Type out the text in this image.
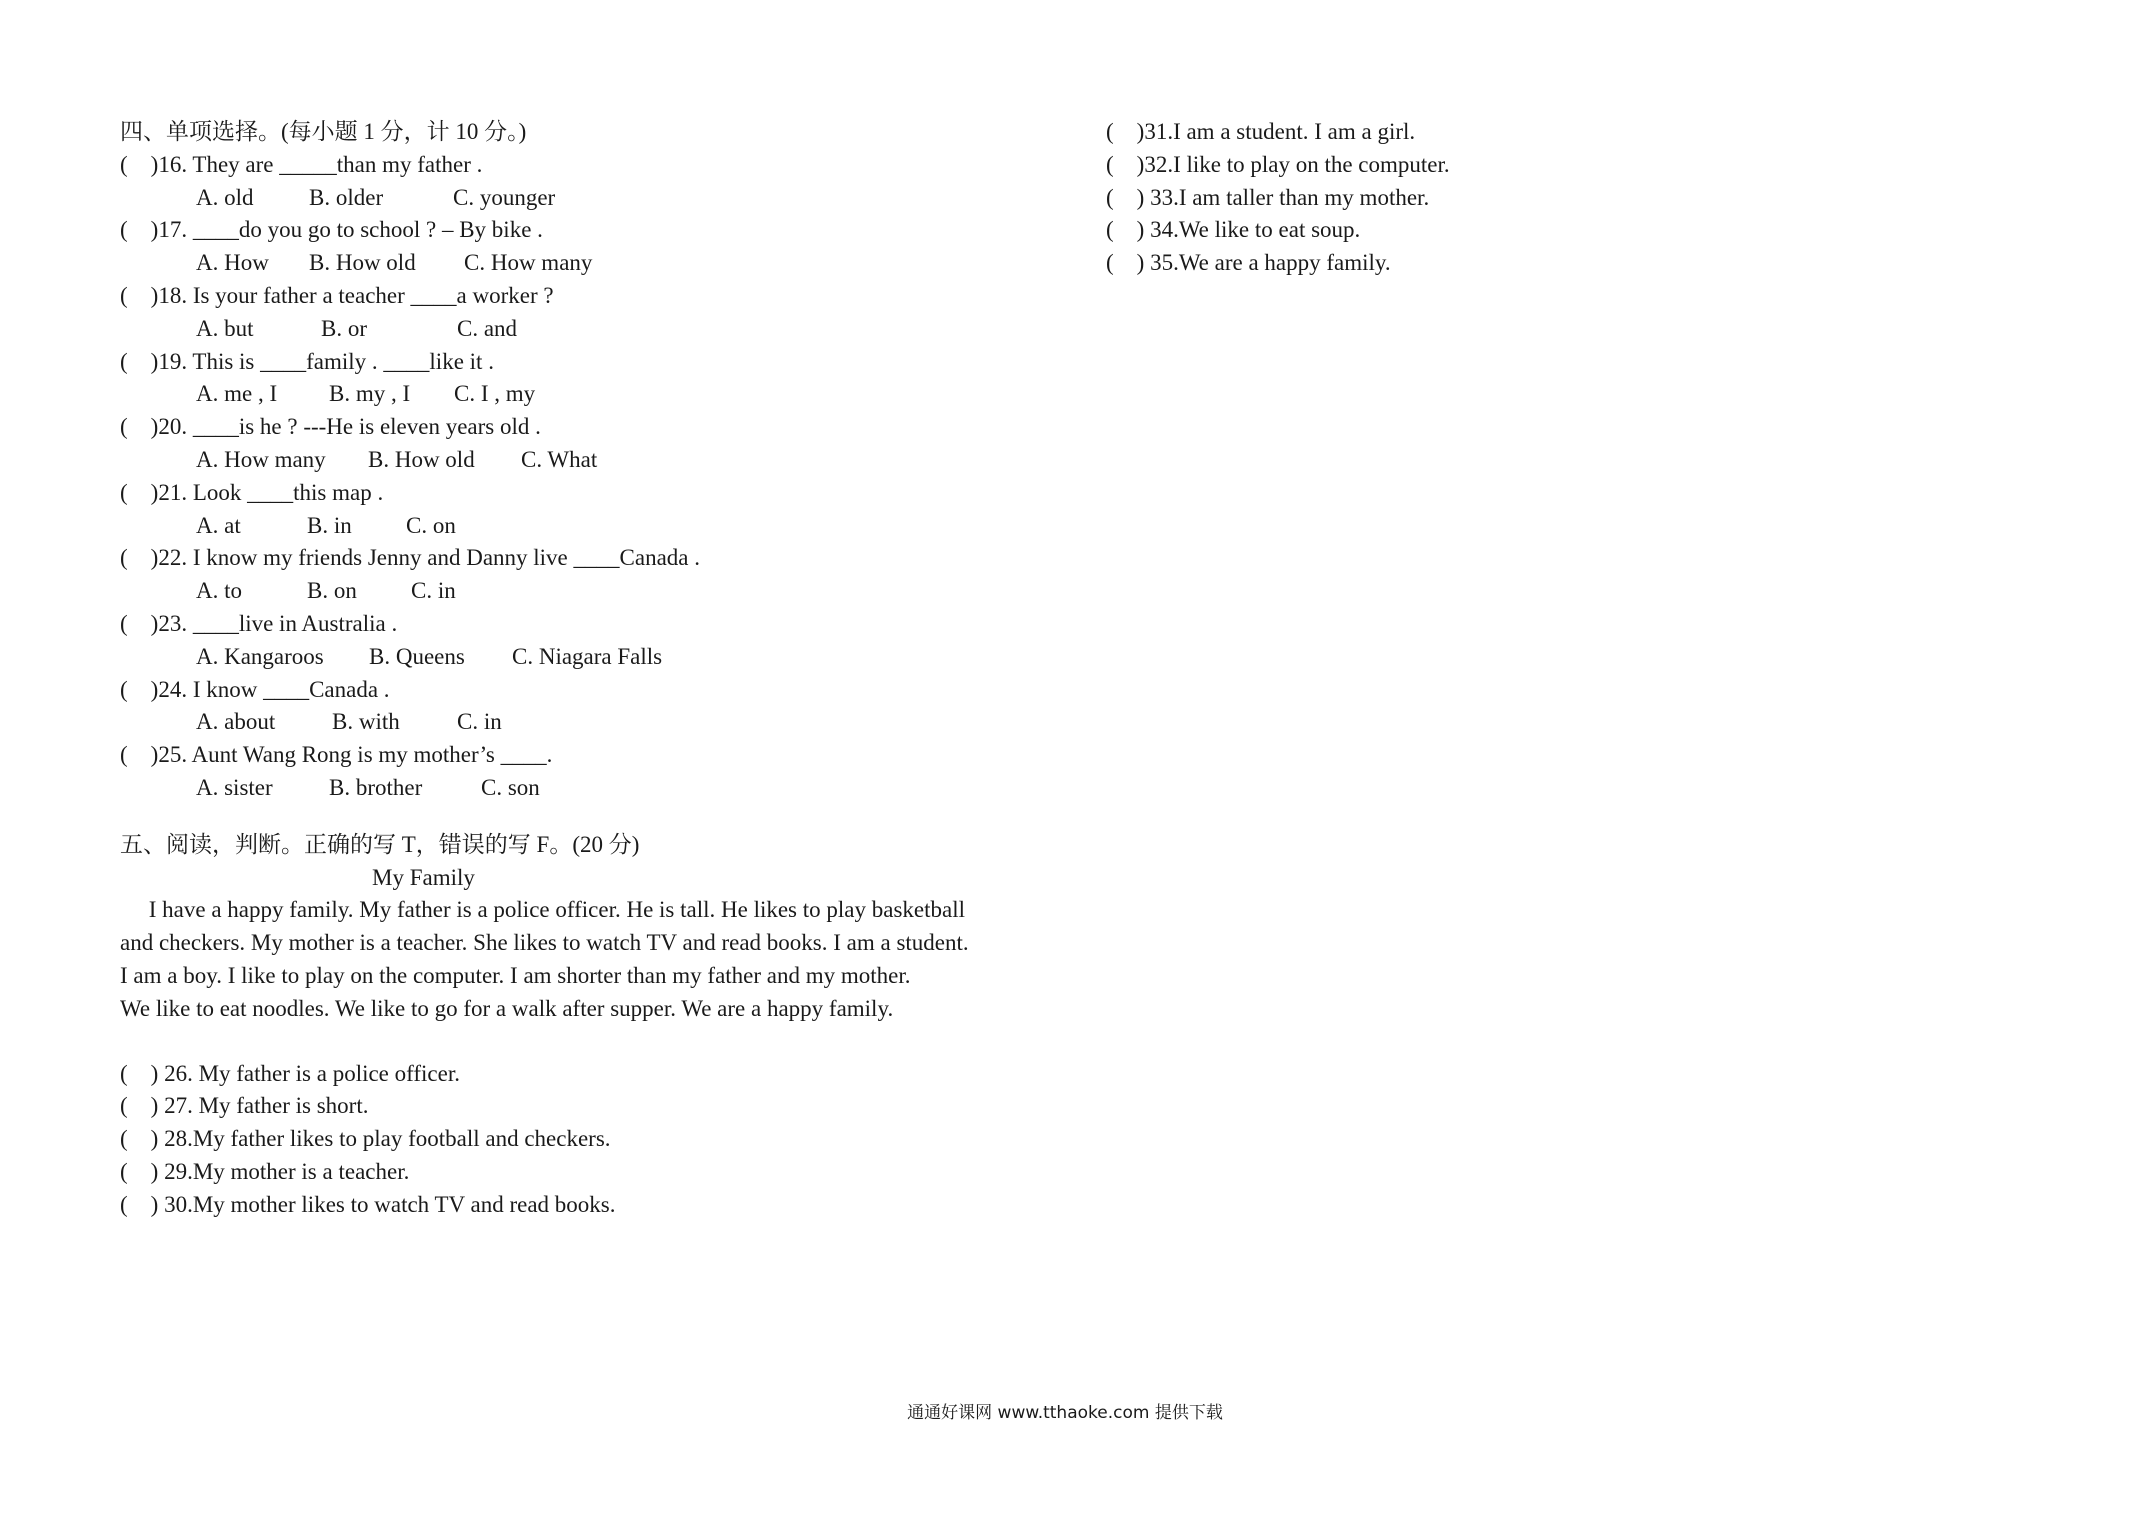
四、单项选择。(每小题 1 分，计 10 分。)
(    )16. They are _____than my father .
A. old B. older	C. younger
(    )17. ____do you go to school ? – By bike .
A. How B. How old C. How many
(    )18. Is your father a teacher ____a worker ?
A. but	B. or	C. and
(    )19. This is ____family . ____like it .
A. me , I B. my , I C. I , my
(    )20. ____is he ? ---He is eleven years old .
A. How many B. How old C. What
(    )21. Look ____this map .
A. at	B. in C. on
(    )22. I know my friends Jenny and Danny live ____Canada .
A. to	B. on C. in
(    )23. ____live in Australia .
A. Kangaroos B. Queens C. Niagara Falls
(    )24. I know ____Canada .
A. about B. with C. in
(    )25. Aunt Wang Rong is my mother’s ____.
A. sister B. brother	C. son
五、阅读，判断。正确的写 T，错误的写 F。(20 分)
My Family

I have a happy family. My father is a police officer. He is tall. He likes to play basketball

and checkers. My mother is a teacher. She likes to watch TV and read books. I am a student.

I am a boy. I like to play on the computer. I am shorter than my father and my mother.

We like to eat noodles. We like to go for a walk after supper. We are a happy family.

(    ) 26. My father is a police officer.
(    ) 27. My father is short.
(    ) 28.My father likes to play football and checkers.
(    ) 29.My mother is a teacher.
(    ) 30.My mother likes to watch TV and read books.
(    )31.I am a student. I am a girl.
(    )32.I like to play on the computer.
(    ) 33.I am taller than my mother.
(    ) 34.We like to eat soup.
(    ) 35.We are a happy family.
通通好课网 www.tthaoke.com 提供下载
